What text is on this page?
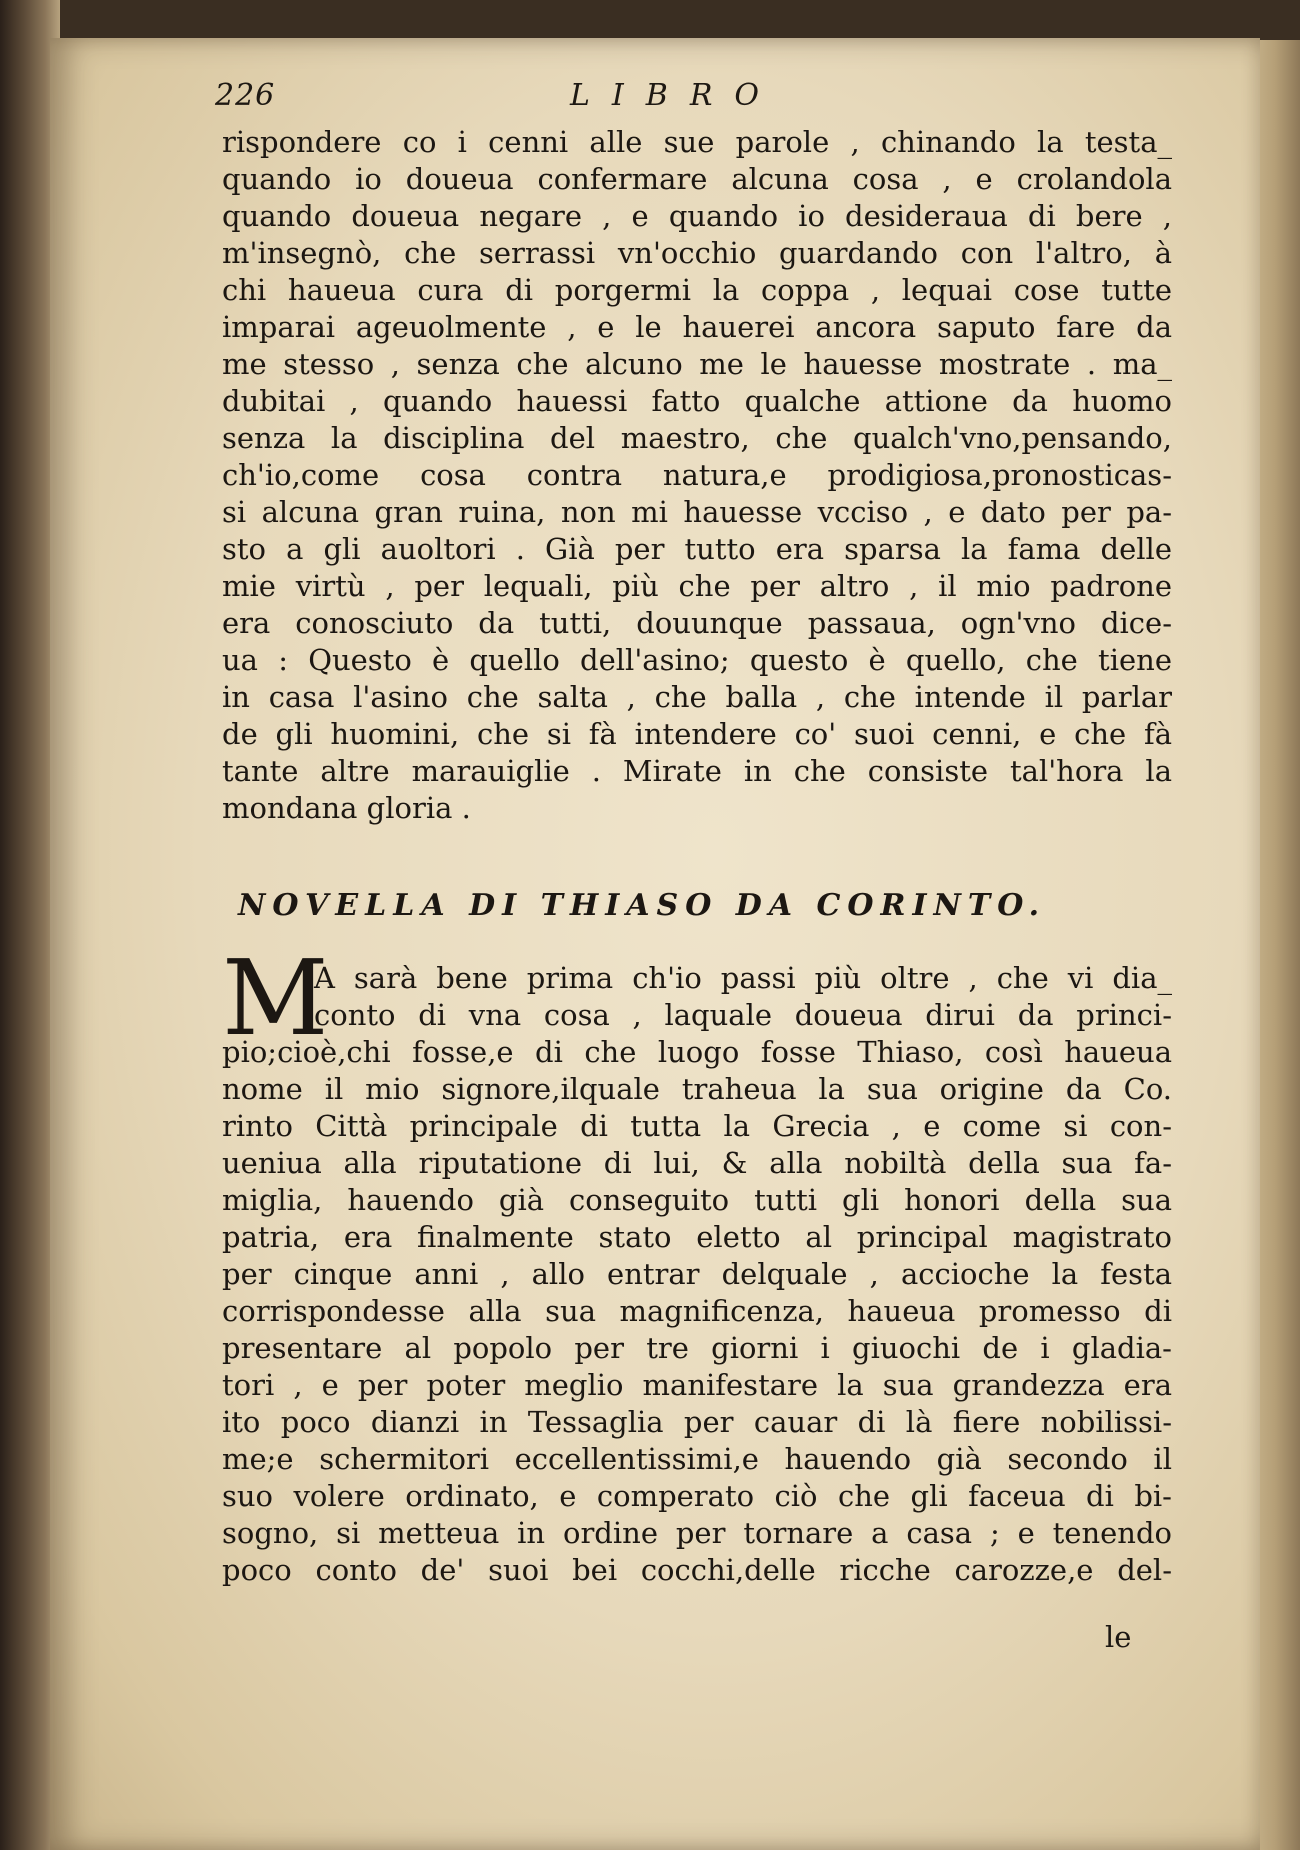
226	LIBRO
rispondere co i cenni alle sue parole , chinando la testa_
quando io doueua confermare alcuna cosa , e crolandola
quando doueua negare , e quando io desideraua di bere ,
m'insegnò, che serrassi vn'occhio guardando con l'altro, à
chi haueua cura di porgermi la coppa , lequai cose tutte
imparai ageuolmente , e le hauerei ancora saputo fare da
me stesso , senza che alcuno me le hauesse mostrate . ma_
dubitai , quando hauessi fatto qualche attione da huomo
senza la disciplina del maestro, che qualch'vno,pensando,
ch'io,come cosa contra natura,e prodigiosa,pronosticas-
si alcuna gran ruina, non mi hauesse vcciso , e dato per pa-
sto a gli auoltori . Già per tutto era sparsa la fama delle
mie virtù , per lequali, più che per altro , il mio padrone
era conosciuto da tutti, douunque passaua, ogn'vno dice-
ua : Questo è quello dell'asino; questo è quello, che tiene
in casa l'asino che salta , che balla , che intende il parlar
de gli huomini, che si fà intendere co' suoi cenni, e che fà
tante altre marauiglie . Mirate in che consiste tal'hora la
mondana gloria .
NOVELLA DI THIASO DA CORINTO.
M
A sarà bene prima ch'io passi più oltre , che vi dia_
conto di vna cosa , laquale doueua dirui da princi-
pio;cioè,chi fosse,e di che luogo fosse Thiaso, così haueua
nome il mio signore,ilquale traheua la sua origine da Co.
rinto Città principale di tutta la Grecia , e come si con-
ueniua alla riputatione di lui, & alla nobiltà della sua fa-
miglia, hauendo già conseguito tutti gli honori della sua
patria, era finalmente stato eletto al principal magistrato
per cinque anni , allo entrar delquale , accioche la festa
corrispondesse alla sua magnificenza, haueua promesso di
presentare al popolo per tre giorni i giuochi de i gladia-
tori , e per poter meglio manifestare la sua grandezza era
ito poco dianzi in Tessaglia per cauar di là fiere nobilissi-
me;e schermitori eccellentissimi,e hauendo già secondo il
suo volere ordinato, e comperato ciò che gli faceua di bi-
sogno, si metteua in ordine per tornare a casa ; e tenendo
poco conto de' suoi bei cocchi,delle ricche carozze,e del-
le
